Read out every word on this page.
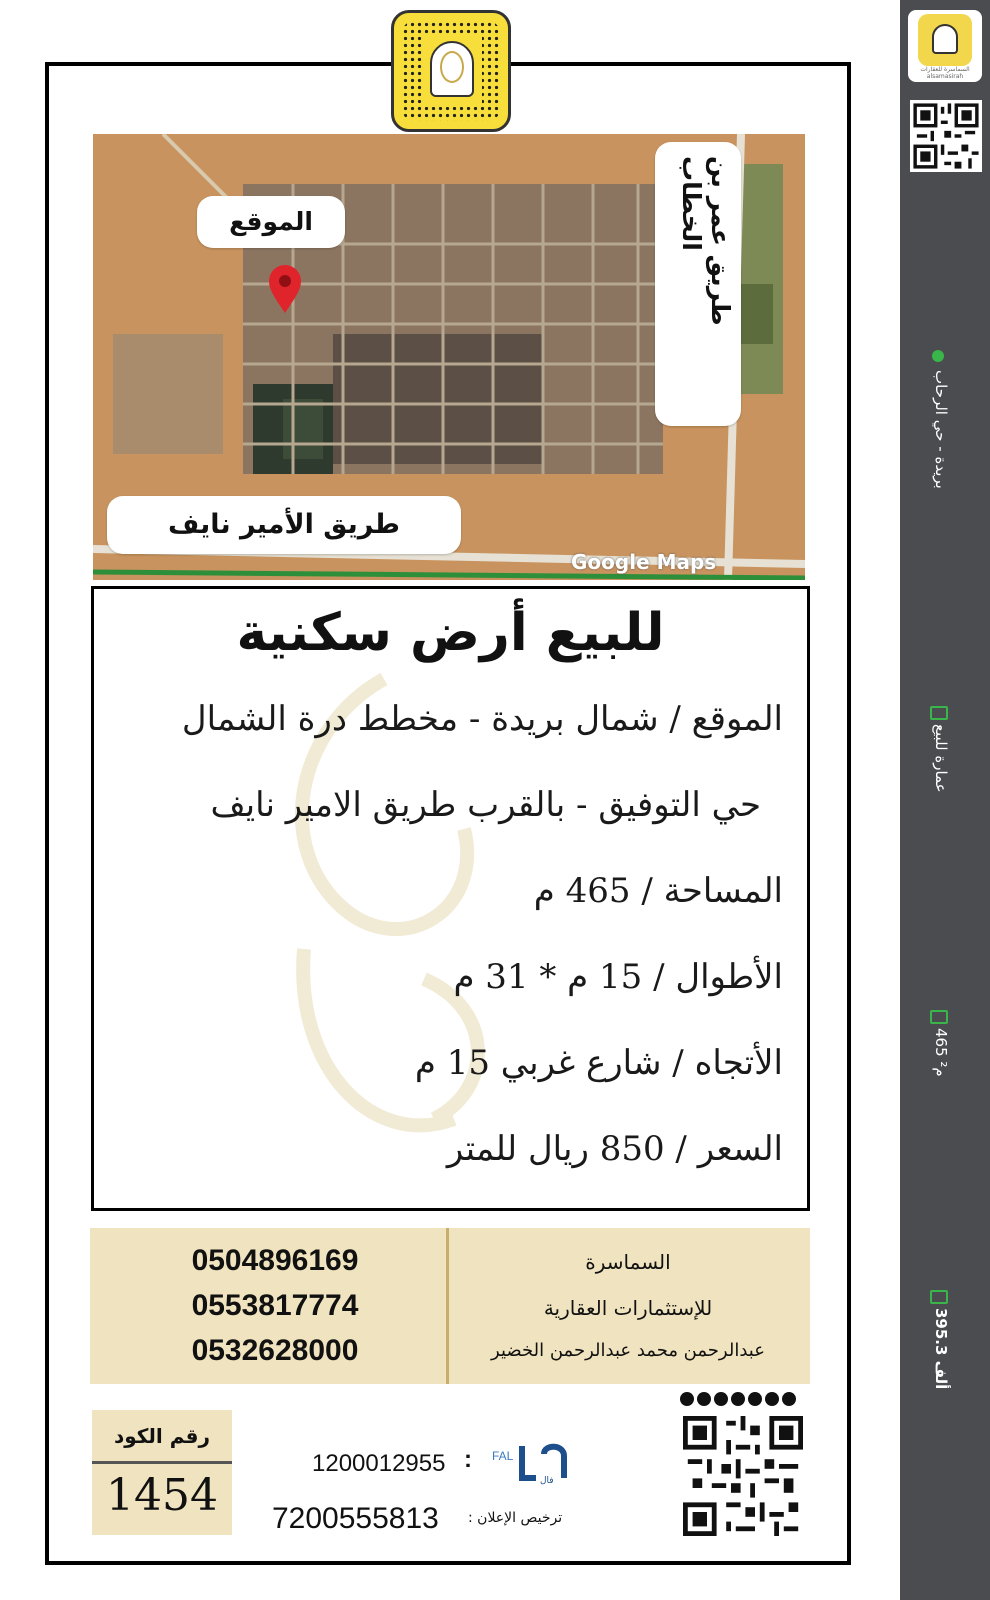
السماسرة للعقارات alsamasirah
بريدة - حي الرحاب
عمارة للبيع
465 م²
395.3 ألف
الموقع	طريق عمر بن الخطاب
طريق الأمير نايف
Google Maps
للبيع أرض سكنية
الموقع / شمال بريدة - مخطط درة الشمال
حي التوفيق - بالقرب طريق الامير نايف
المساحة / 465 م
الأطوال / 15 م * 31 م
الأتجاه / شارع غربي 15 م
السعر / 850 ريال للمتر
0504896169
0553817774
0532628000
السماسرة
للإستثمارات العقارية
عبدالرحمن محمد عبدالرحمن الخضير
رقم الكود
1454
1200012955 : FAL
فال
7200555813 ترخيص الإعلان :
